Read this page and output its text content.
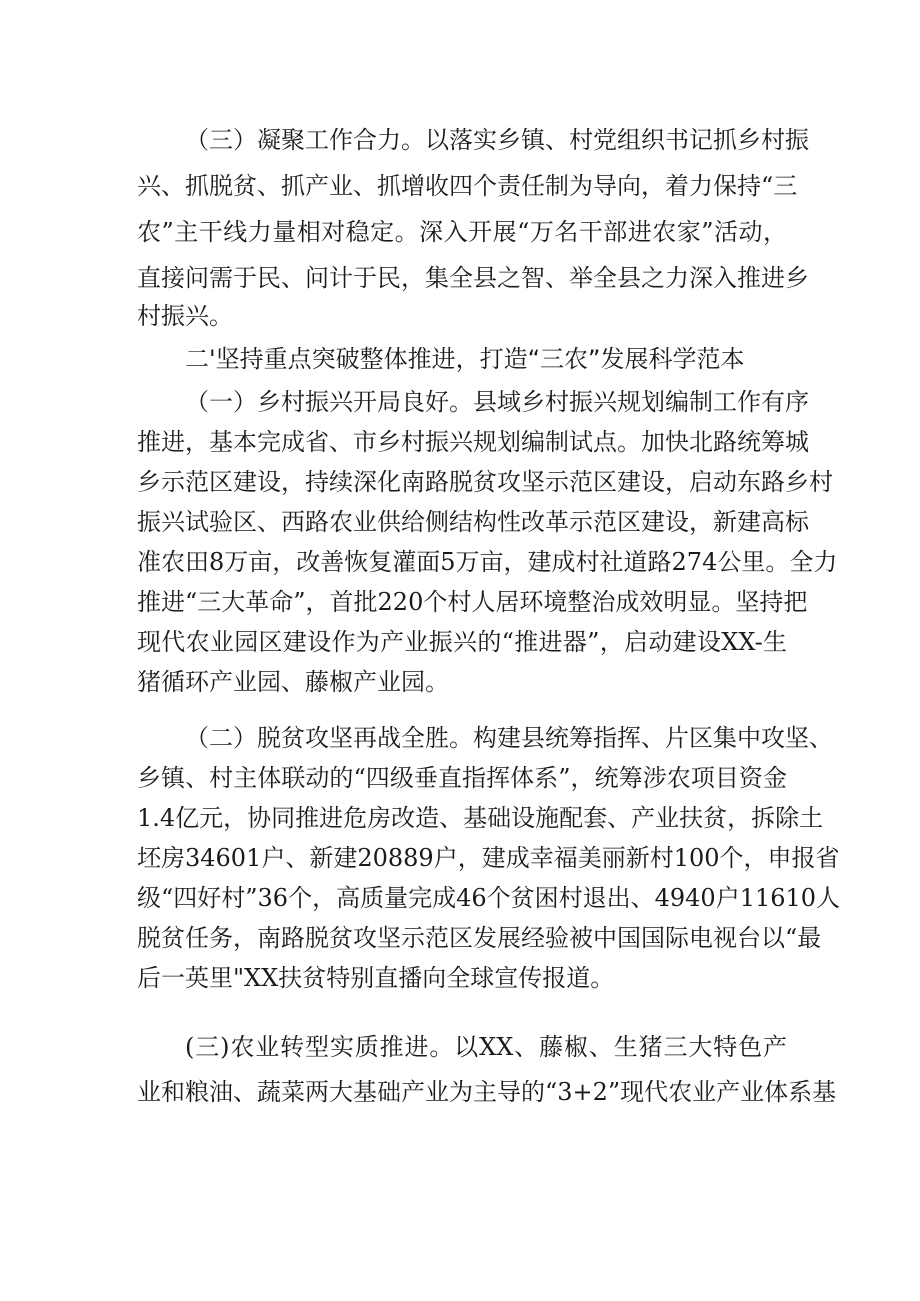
（三）凝聚工作合力。以落实乡镇、村党组织书记抓乡村振
兴、抓脱贫、抓产业、抓增收四个责任制为导向，着力保持“三
农”主干线力量相对稳定。深入开展“万名干部进农家”活动，
直接问需于民、问计于民，集全县之智、举全县之力深入推进乡
村振兴。
二'坚持重点突破整体推进，打造“三农”发展科学范本
（一）乡村振兴开局良好。县域乡村振兴规划编制工作有序
推进，基本完成省、市乡村振兴规划编制试点。加快北路统筹城
乡示范区建设，持续深化南路脱贫攻坚示范区建设，启动东路乡村
振兴试验区、西路农业供给侧结构性改革示范区建设，新建高标
准农田8万亩，改善恢复灌面5万亩，建成村社道路274公里。全力
推进“三大革命”，首批220个村人居环境整治成效明显。坚持把
现代农业园区建设作为产业振兴的“推进器”，启动建设XX-生
猪循环产业园、藤椒产业园。
（二）脱贫攻坚再战全胜。构建县统筹指挥、片区集中攻坚、
乡镇、村主体联动的“四级垂直指挥体系”，统筹涉农项目资金
1.4亿元，协同推进危房改造、基础设施配套、产业扶贫，拆除土
坯房34601户、新建20889户，建成幸福美丽新村100个，申报省
级“四好村”36个，高质量完成46个贫困村退出、4940户11610人
脱贫任务，南路脱贫攻坚示范区发展经验被中国国际电视台以“最
后一英里"XX扶贫特别直播向全球宣传报道。
(三)农业转型实质推进。以XX、藤椒、生猪三大特色产
业和粮油、蔬菜两大基础产业为主导的“3+2”现代农业产业体系基
